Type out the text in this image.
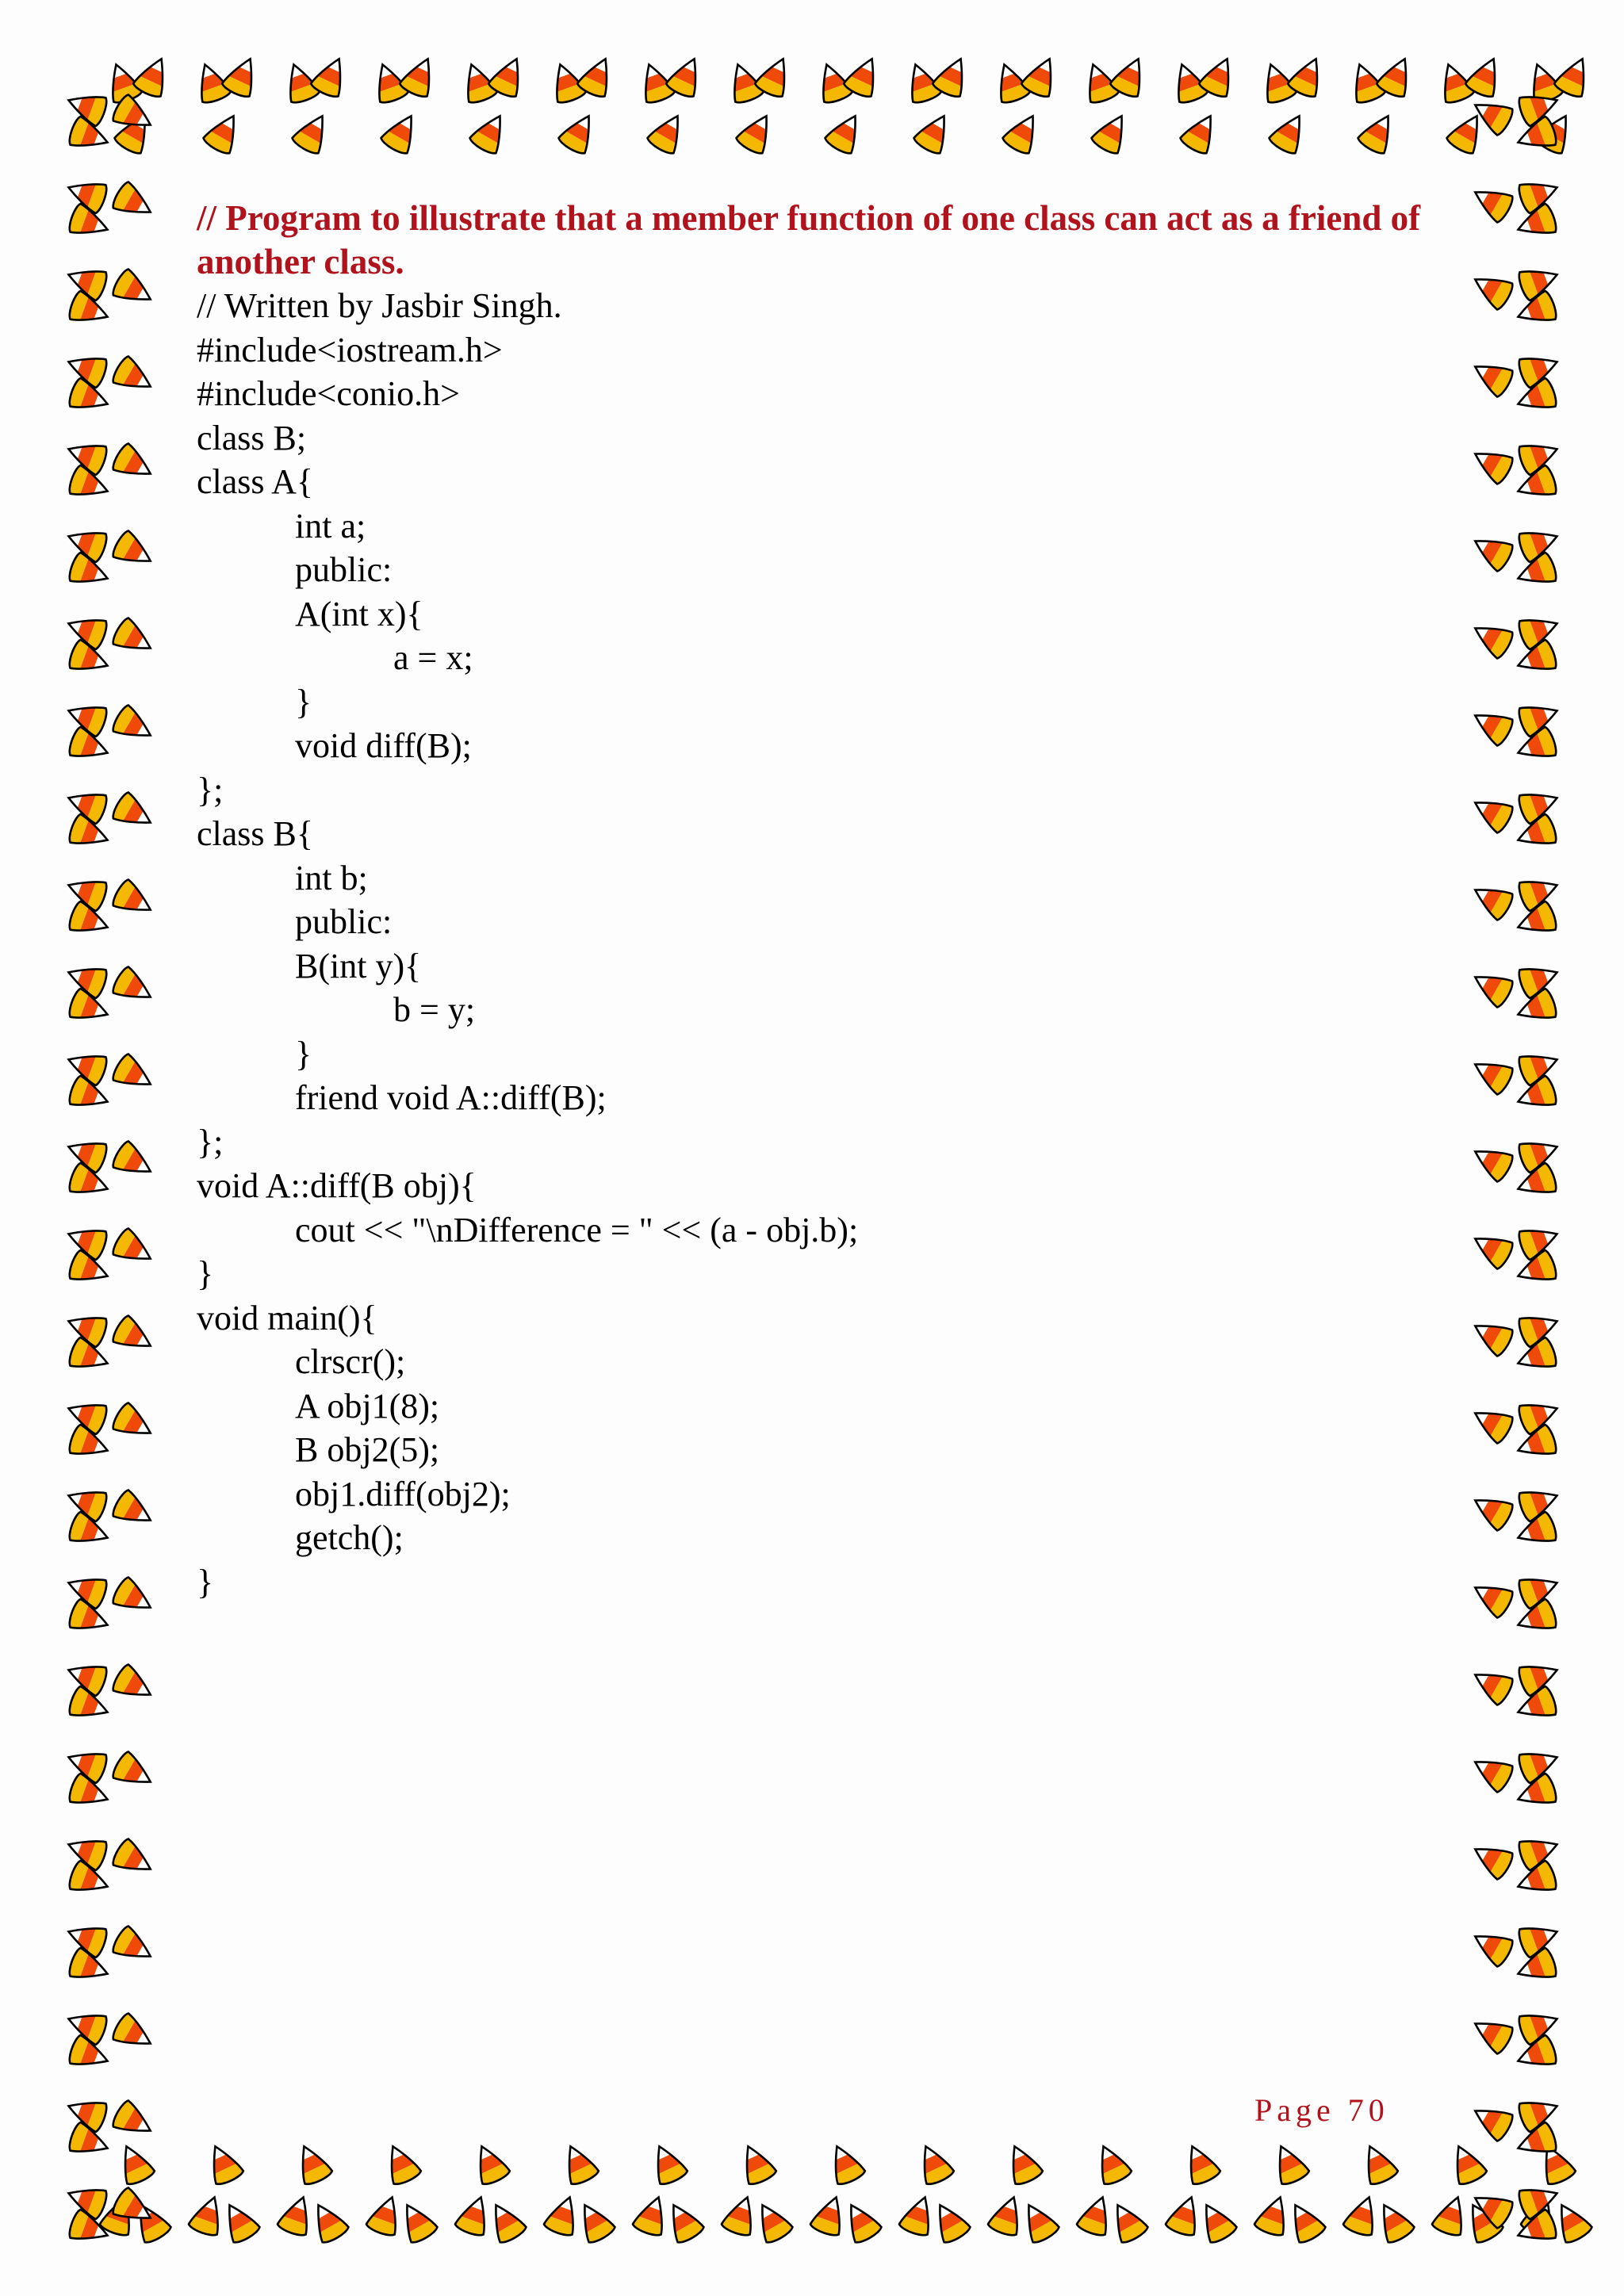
// Program to illustrate that a member function of one class can act as a friend of another class.

// Written by Jasbir Singh.

#include<iostream.h>

#include<conio.h>

class B;

class A{

int a;

public:

A(int x){

a = x;

}

void diff(B);

};

class B{

int b;

public:

B(int y){

b = y;

}

friend void A::diff(B);

};

void A::diff(B obj){

cout << "\nDifference = " << (a - obj.b);

}

void main(){

clrscr();

A obj1(8);

B obj2(5);

obj1.diff(obj2);

getch();

}

Page 70
